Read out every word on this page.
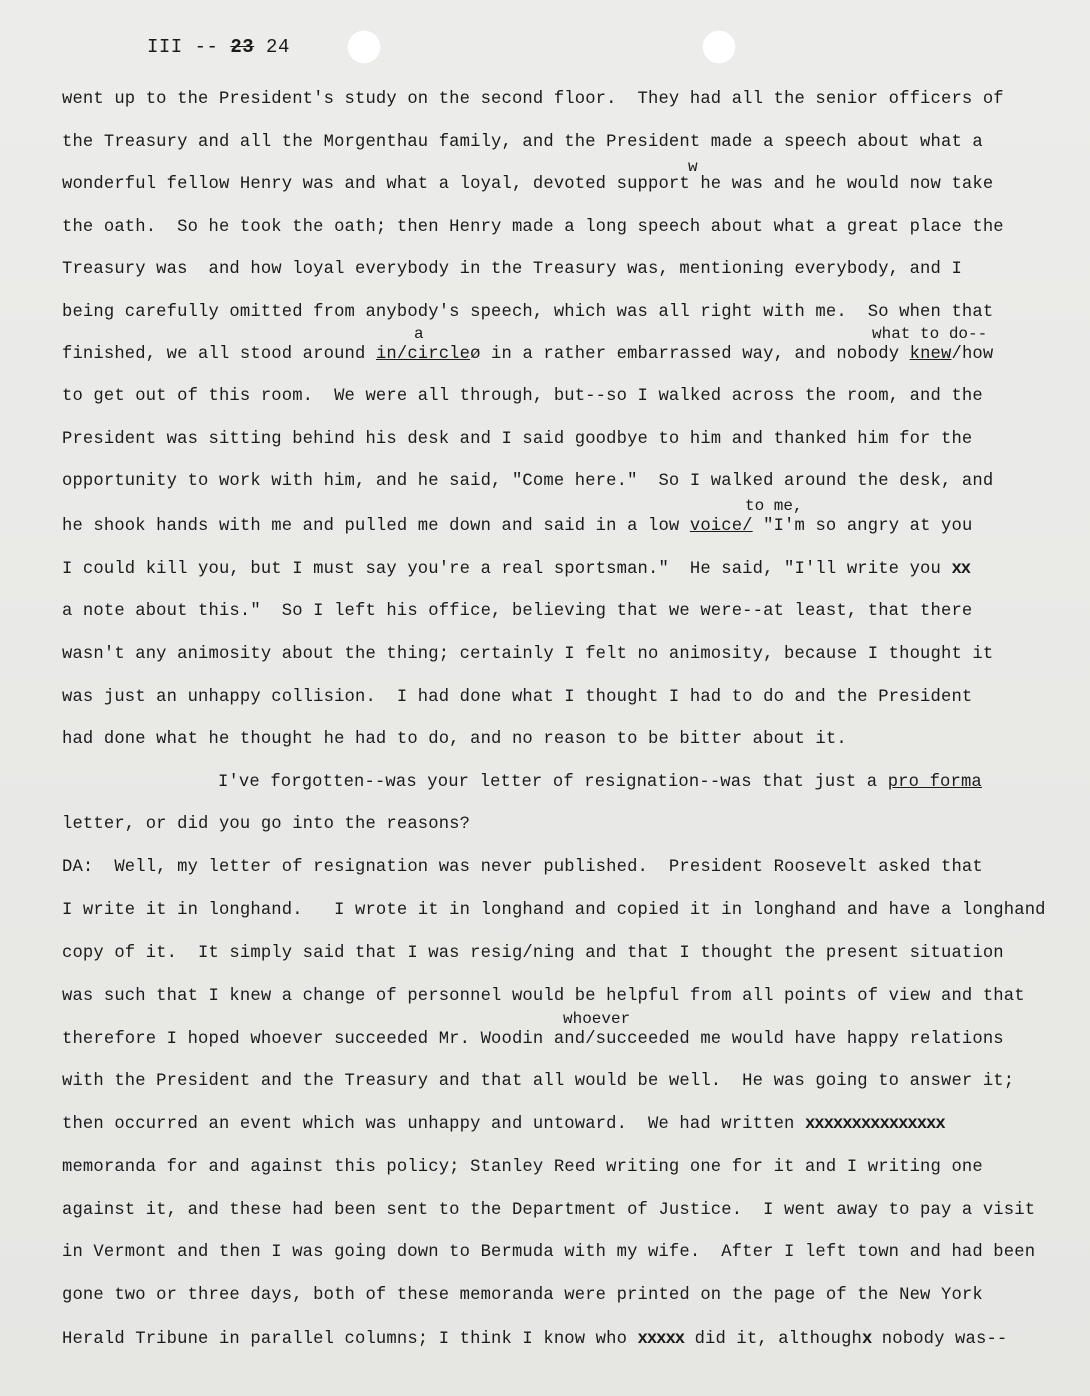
III -- 23 24
went up to the President's study on the second floor.  They had all the senior officers of
the Treasury and all the Morgenthau family, and the President made a speech about what a
w
wonderful fellow Henry was and what a loyal, devoted support he was and he would now take
the oath.  So he took the oath; then Henry made a long speech about what a great place the
Treasury was  and how loyal everybody in the Treasury was, mentioning everybody, and I
being carefully omitted from anybody's speech, which was all right with me.  So when that
a	what to do--
finished, we all stood around in/circleø in a rather embarrassed way, and nobody knew/how
to get out of this room.  We were all through, but--so I walked across the room, and the
President was sitting behind his desk and I said goodbye to him and thanked him for the
opportunity to work with him, and he said, "Come here."  So I walked around the desk, and
to me,
he shook hands with me and pulled me down and said in a low voice/ "I'm so angry at you
I could kill you, but I must say you're a real sportsman."  He said, "I'll write you xx
a note about this."  So I left his office, believing that we were--at least, that there
wasn't any animosity about the thing; certainly I felt no animosity, because I thought it
was just an unhappy collision.  I had done what I thought I had to do and the President
had done what he thought he had to do, and no reason to be bitter about it.
I've forgotten--was your letter of resignation--was that just a pro forma
letter, or did you go into the reasons?
DA:  Well, my letter of resignation was never published.  President Roosevelt asked that
I write it in longhand.   I wrote it in longhand and copied it in longhand and have a longhand
copy of it.  It simply said that I was resig/ning and that I thought the present situation
was such that I knew a change of personnel would be helpful from all points of view and that
whoever
therefore I hoped whoever succeeded Mr. Woodin and/succeeded me would have happy relations
with the President and the Treasury and that all would be well.  He was going to answer it;
then occurred an event which was unhappy and untoward.  We had written xxxxxxxxxxxxxxx
memoranda for and against this policy; Stanley Reed writing one for it and I writing one
against it, and these had been sent to the Department of Justice.  I went away to pay a visit
in Vermont and then I was going down to Bermuda with my wife.  After I left town and had been
gone two or three days, both of these memoranda were printed on the page of the New York
Herald Tribune in parallel columns; I think I know who xxxxx did it, althoughx nobody was--
